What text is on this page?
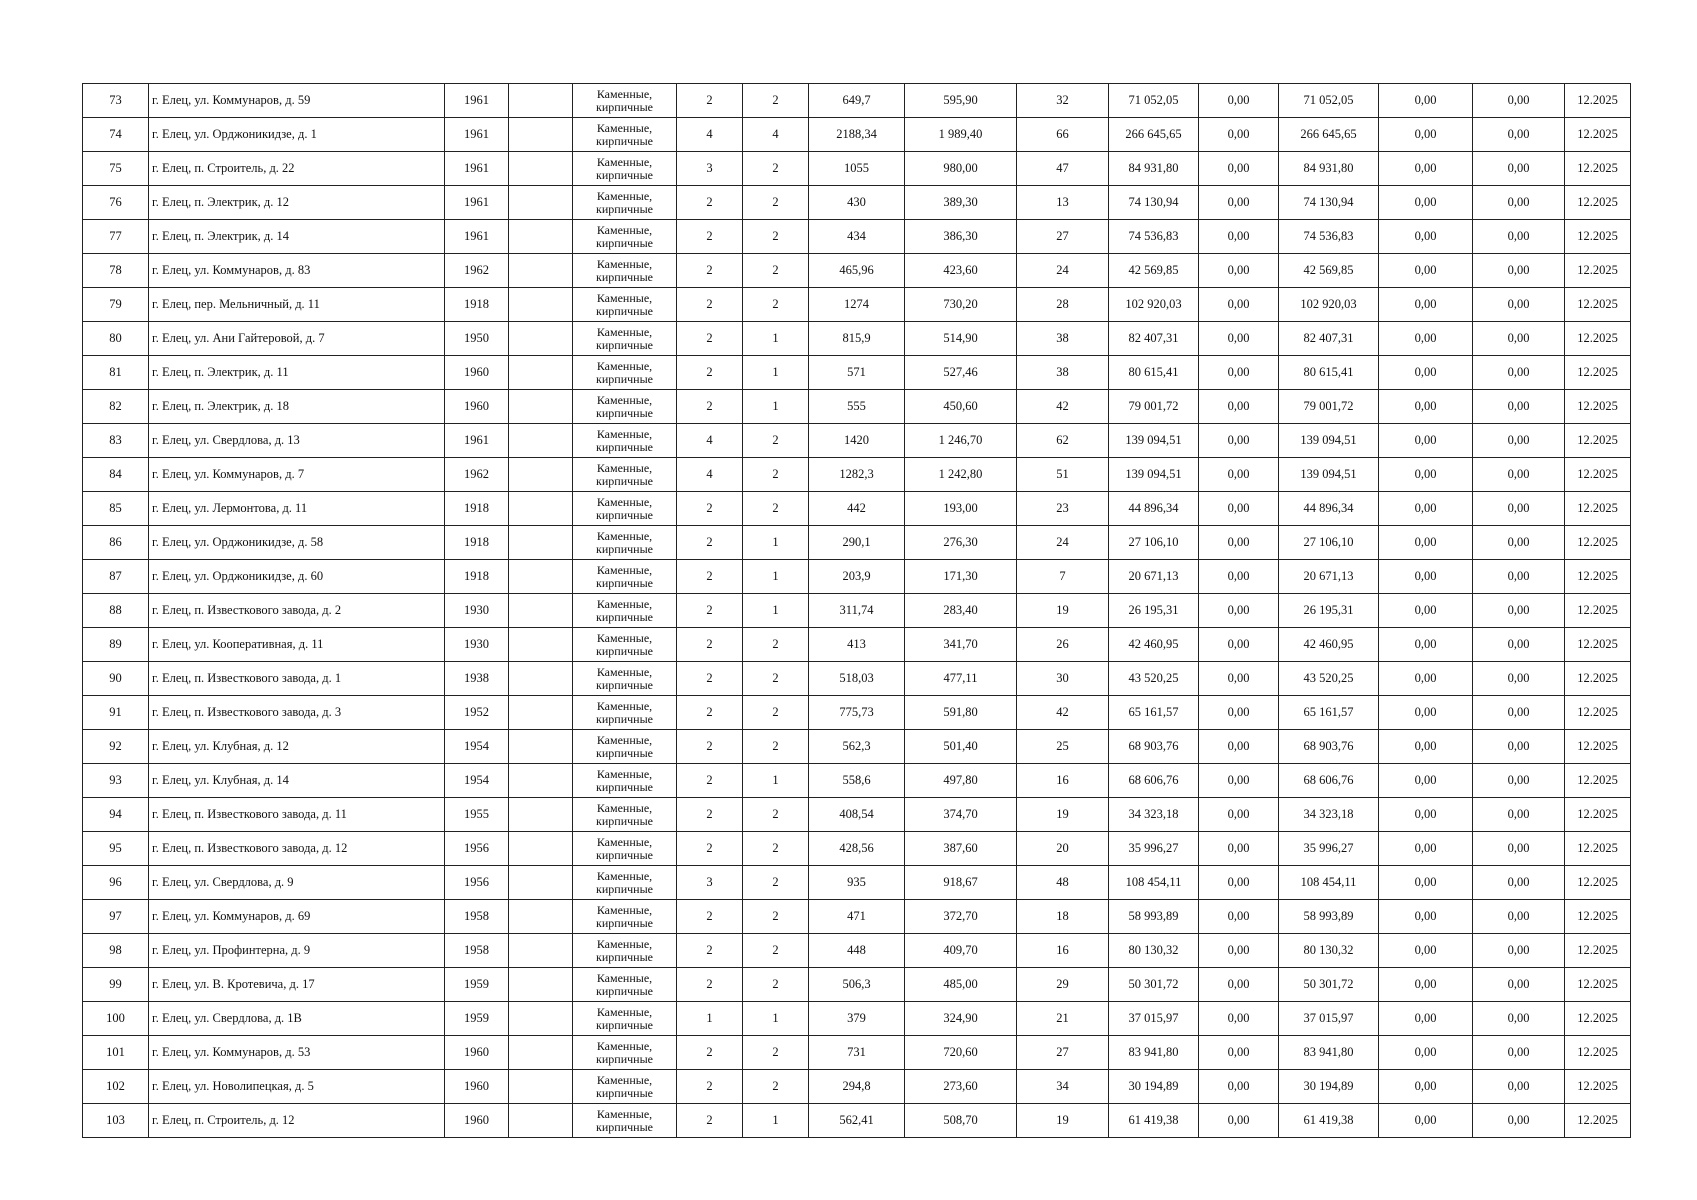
73	г. Елец, ул. Коммунаров, д. 59	1961		Каменные,
кирпичные	2	2	649,7	595,90	32	71 052,05	0,00	71 052,05	0,00	0,00	12.2025
74	г. Елец, ул. Орджоникидзе, д. 1	1961		Каменные,
кирпичные	4	4	2188,34	1 989,40	66	266 645,65	0,00	266 645,65	0,00	0,00	12.2025
75	г. Елец, п. Строитель, д. 22	1961		Каменные,
кирпичные	3	2	1055	980,00	47	84 931,80	0,00	84 931,80	0,00	0,00	12.2025
76	г. Елец, п. Электрик, д. 12	1961		Каменные,
кирпичные	2	2	430	389,30	13	74 130,94	0,00	74 130,94	0,00	0,00	12.2025
77	г. Елец, п. Электрик, д. 14	1961		Каменные,
кирпичные	2	2	434	386,30	27	74 536,83	0,00	74 536,83	0,00	0,00	12.2025
78	г. Елец, ул. Коммунаров, д. 83	1962		Каменные,
кирпичные	2	2	465,96	423,60	24	42 569,85	0,00	42 569,85	0,00	0,00	12.2025
79	г. Елец, пер. Мельничный, д. 11	1918		Каменные,
кирпичные	2	2	1274	730,20	28	102 920,03	0,00	102 920,03	0,00	0,00	12.2025
80	г. Елец, ул. Ани Гайтеровой, д. 7	1950		Каменные,
кирпичные	2	1	815,9	514,90	38	82 407,31	0,00	82 407,31	0,00	0,00	12.2025
81	г. Елец, п. Электрик, д. 11	1960		Каменные,
кирпичные	2	1	571	527,46	38	80 615,41	0,00	80 615,41	0,00	0,00	12.2025
82	г. Елец, п. Электрик, д. 18	1960		Каменные,
кирпичные	2	1	555	450,60	42	79 001,72	0,00	79 001,72	0,00	0,00	12.2025
83	г. Елец, ул. Свердлова, д. 13	1961		Каменные,
кирпичные	4	2	1420	1 246,70	62	139 094,51	0,00	139 094,51	0,00	0,00	12.2025
84	г. Елец, ул. Коммунаров, д. 7	1962		Каменные,
кирпичные	4	2	1282,3	1 242,80	51	139 094,51	0,00	139 094,51	0,00	0,00	12.2025
85	г. Елец, ул. Лермонтова, д. 11	1918		Каменные,
кирпичные	2	2	442	193,00	23	44 896,34	0,00	44 896,34	0,00	0,00	12.2025
86	г. Елец, ул. Орджоникидзе, д. 58	1918		Каменные,
кирпичные	2	1	290,1	276,30	24	27 106,10	0,00	27 106,10	0,00	0,00	12.2025
87	г. Елец, ул. Орджоникидзе, д. 60	1918		Каменные,
кирпичные	2	1	203,9	171,30	7	20 671,13	0,00	20 671,13	0,00	0,00	12.2025
88	г. Елец, п. Известкового завода, д. 2	1930		Каменные,
кирпичные	2	1	311,74	283,40	19	26 195,31	0,00	26 195,31	0,00	0,00	12.2025
89	г. Елец, ул. Кооперативная, д. 11	1930		Каменные,
кирпичные	2	2	413	341,70	26	42 460,95	0,00	42 460,95	0,00	0,00	12.2025
90	г. Елец, п. Известкового завода, д. 1	1938		Каменные,
кирпичные	2	2	518,03	477,11	30	43 520,25	0,00	43 520,25	0,00	0,00	12.2025
91	г. Елец, п. Известкового завода, д. 3	1952		Каменные,
кирпичные	2	2	775,73	591,80	42	65 161,57	0,00	65 161,57	0,00	0,00	12.2025
92	г. Елец, ул. Клубная, д. 12	1954		Каменные,
кирпичные	2	2	562,3	501,40	25	68 903,76	0,00	68 903,76	0,00	0,00	12.2025
93	г. Елец, ул. Клубная, д. 14	1954		Каменные,
кирпичные	2	1	558,6	497,80	16	68 606,76	0,00	68 606,76	0,00	0,00	12.2025
94	г. Елец, п. Известкового завода, д. 11	1955		Каменные,
кирпичные	2	2	408,54	374,70	19	34 323,18	0,00	34 323,18	0,00	0,00	12.2025
95	г. Елец, п. Известкового завода, д. 12	1956		Каменные,
кирпичные	2	2	428,56	387,60	20	35 996,27	0,00	35 996,27	0,00	0,00	12.2025
96	г. Елец, ул. Свердлова, д. 9	1956		Каменные,
кирпичные	3	2	935	918,67	48	108 454,11	0,00	108 454,11	0,00	0,00	12.2025
97	г. Елец, ул. Коммунаров, д. 69	1958		Каменные,
кирпичные	2	2	471	372,70	18	58 993,89	0,00	58 993,89	0,00	0,00	12.2025
98	г. Елец, ул. Профинтерна, д. 9	1958		Каменные,
кирпичные	2	2	448	409,70	16	80 130,32	0,00	80 130,32	0,00	0,00	12.2025
99	г. Елец, ул. В. Кротевича, д. 17	1959		Каменные,
кирпичные	2	2	506,3	485,00	29	50 301,72	0,00	50 301,72	0,00	0,00	12.2025
100	г. Елец, ул. Свердлова, д. 1В	1959		Каменные,
кирпичные	1	1	379	324,90	21	37 015,97	0,00	37 015,97	0,00	0,00	12.2025
101	г. Елец, ул. Коммунаров, д. 53	1960		Каменные,
кирпичные	2	2	731	720,60	27	83 941,80	0,00	83 941,80	0,00	0,00	12.2025
102	г. Елец, ул. Новолипецкая, д. 5	1960		Каменные,
кирпичные	2	2	294,8	273,60	34	30 194,89	0,00	30 194,89	0,00	0,00	12.2025
103	г. Елец, п. Строитель, д. 12	1960		Каменные,
кирпичные	2	1	562,41	508,70	19	61 419,38	0,00	61 419,38	0,00	0,00	12.2025
